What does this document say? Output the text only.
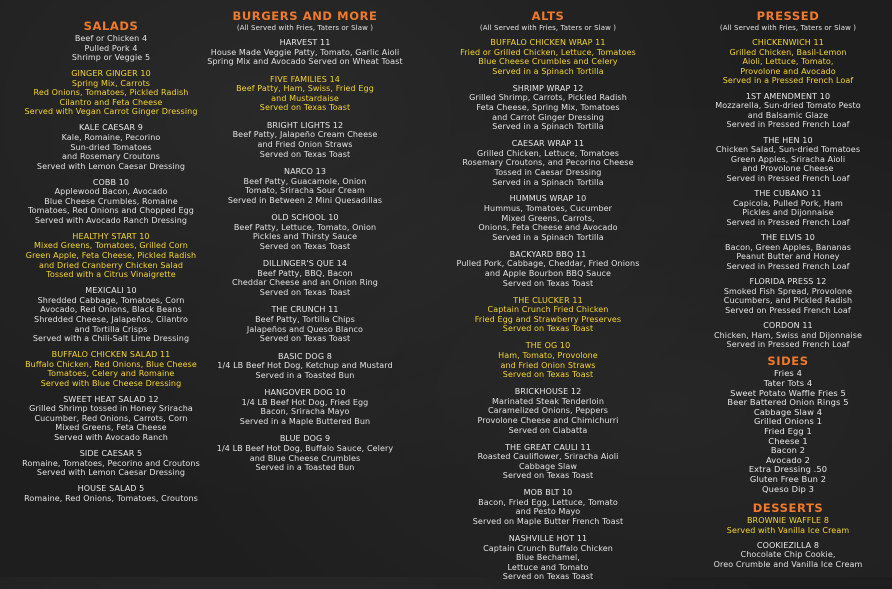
SALADS
Beef or Chicken 4
Pulled Pork 4
Shrimp or Veggie 5
GINGER GINGER 10
Spring Mix, Carrots
Red Onions, Tomatoes, Pickled Radish
Cilantro and Feta Cheese
Served with Vegan Carrot Ginger Dressing
KALE CAESAR 9
Kale, Romaine, Pecorino
Sun-dried Tomatoes
and Rosemary Croutons
Served with Lemon Caesar Dressing
COBB 10
Applewood Bacon, Avocado
Blue Cheese Crumbles, Romaine
Tomatoes, Red Onions and Chopped Egg
Served with Avocado Ranch Dressing
HEALTHY START 10
Mixed Greens, Tomatoes, Grilled Corn
Green Apple, Feta Cheese, Pickled Radish
and Dried Cranberry Chicken Salad
Tossed with a Citrus Vinaigrette
MEXICALI 10
Shredded Cabbage, Tomatoes, Corn
Avocado, Red Onions, Black Beans
Shredded Cheese, Jalapeños, Cilantro
and Tortilla Crisps
Served with a Chili-Salt Lime Dressing
BUFFALO CHICKEN SALAD 11
Buffalo Chicken, Red Onions, Blue Cheese
Tomatoes, Celery and Romaine
Served with Blue Cheese Dressing
SWEET HEAT SALAD 12
Grilled Shrimp tossed in Honey Sriracha
Cucumber, Red Onions, Carrots, Corn
Mixed Greens, Feta Cheese
Served with Avocado Ranch
SIDE CAESAR 5
Romaine, Tomatoes, Pecorino and Croutons
Served with Lemon Caesar Dressing
HOUSE SALAD 5
Romaine, Red Onions, Tomatoes, Croutons
BURGERS AND MORE
(All Served with Fries, Taters or Slaw )
HARVEST 11
House Made Veggie Patty, Tomato, Garlic Aioli
Spring Mix and Avocado Served on Wheat Toast
FIVE FAMILIES 14
Beef Patty, Ham, Swiss, Fried Egg
and Mustardaise
Served on Texas Toast
BRIGHT LIGHTS 12
Beef Patty, Jalapeño Cream Cheese
and Fried Onion Straws
Served on Texas Toast
NARCO 13
Beef Patty, Guacamole, Onion
Tomato, Sriracha Sour Cream
Served in Between 2 Mini Quesadillas
OLD SCHOOL 10
Beef Patty, Lettuce, Tomato, Onion
Pickles and Thirsty Sauce
Served on Texas Toast
DILLINGER'S QUE 14
Beef Patty, BBQ, Bacon
Cheddar Cheese and an Onion Ring
Served on Texas Toast
THE CRUNCH 11
Beef Patty, Tortilla Chips
Jalapeños and Queso Blanco
Served on Texas Toast
BASIC DOG 8
1/4 LB Beef Hot Dog, Ketchup and Mustard
Served in a Toasted Bun
HANGOVER DOG 10
1/4 LB Beef Hot Dog, Fried Egg
Bacon, Sriracha Mayo
Served in a Maple Buttered Bun
BLUE DOG 9
1/4 LB Beef Hot Dog, Buffalo Sauce, Celery
and Blue Cheese Crumbles
Served in a Toasted Bun
ALTS
(All Served with Fries, Taters or Slaw )
BUFFALO CHICKEN WRAP 11
Fried or Grilled Chicken, Lettuce, Tomatoes
Blue Cheese Crumbles and Celery
Served in a Spinach Tortilla
SHRIMP WRAP 12
Grilled Shrimp, Carrots, Pickled Radish
Feta Cheese, Spring Mix, Tomatoes
and Carrot Ginger Dressing
Served in a Spinach Tortilla
CAESAR WRAP 11
Grilled Chicken, Lettuce, Tomatoes
Rosemary Croutons, and Pecorino Cheese
Tossed in Caesar Dressing
Served in a Spinach Tortilla
HUMMUS WRAP 10
Hummus, Tomatoes, Cucumber
Mixed Greens, Carrots,
Onions, Feta Cheese and Avocado
Served in a Spinach Tortilla
BACKYARD BBQ 11
Pulled Pork, Cabbage, Cheddar, Fried Onions
and Apple Bourbon BBQ Sauce
Served on Texas Toast
THE CLUCKER 11
Captain Crunch Fried Chicken
Fried Egg and Strawberry Preserves
Served on Texas Toast
THE OG 10
Ham, Tomato, Provolone
and Fried Onion Straws
Served on Texas Toast
BRICKHOUSE 12
Marinated Steak Tenderloin
Caramelized Onions, Peppers
Provolone Cheese and Chimichurri
Served on Ciabatta
THE GREAT CAULI 11
Roasted Cauliflower, Sriracha Aioli
Cabbage Slaw
Served on Texas Toast
MOB BLT 10
Bacon, Fried Egg, Lettuce, Tomato
and Pesto Mayo
Served on Maple Butter French Toast
NASHVILLE HOT 11
Captain Crunch Buffalo Chicken
Blue Bechamel,
Lettuce and Tomato
Served on Texas Toast
PRESSED
(All Served with Fries, Taters or Slaw )
CHICKENWICH 11
Grilled Chicken, Basil-Lemon
Aioli, Lettuce, Tomato,
Provolone and Avocado
Served in a Pressed French Loaf
1ST AMENDMENT 10
Mozzarella, Sun-dried Tomato Pesto
and Balsamic Glaze
Served in Pressed French Loaf
THE HEN 10
Chicken Salad, Sun-dried Tomatoes
Green Apples, Sriracha Aioli
and Provolone Cheese
Served in Pressed French Loaf
THE CUBANO 11
Capicola, Pulled Pork, Ham
Pickles and Dijonnaise
Served in Pressed French Loaf
THE ELVIS 10
Bacon, Green Apples, Bananas
Peanut Butter and Honey
Served in Pressed French Loaf
FLORIDA PRESS 12
Smoked Fish Spread, Provolone
Cucumbers, and Pickled Radish
Served on Pressed French Loaf
CORDON 11
Chicken, Ham, Swiss and Dijonnaise
Served in Pressed French Loaf
SIDES
Fries 4
Tater Tots 4
Sweet Potato Waffle Fries 5
Beer Battered Onion Rings 5
Cabbage Slaw 4
Grilled Onions 1
Fried Egg 1
Cheese 1
Bacon 2
Avocado 2
Extra Dressing .50
Gluten Free Bun 2
Queso Dip 3
DESSERTS
BROWNIE WAFFLE 8
Served with Vanilla Ice Cream
COOKIEZILLA 8
Chocolate Chip Cookie,
Oreo Crumble and Vanilla Ice Cream
